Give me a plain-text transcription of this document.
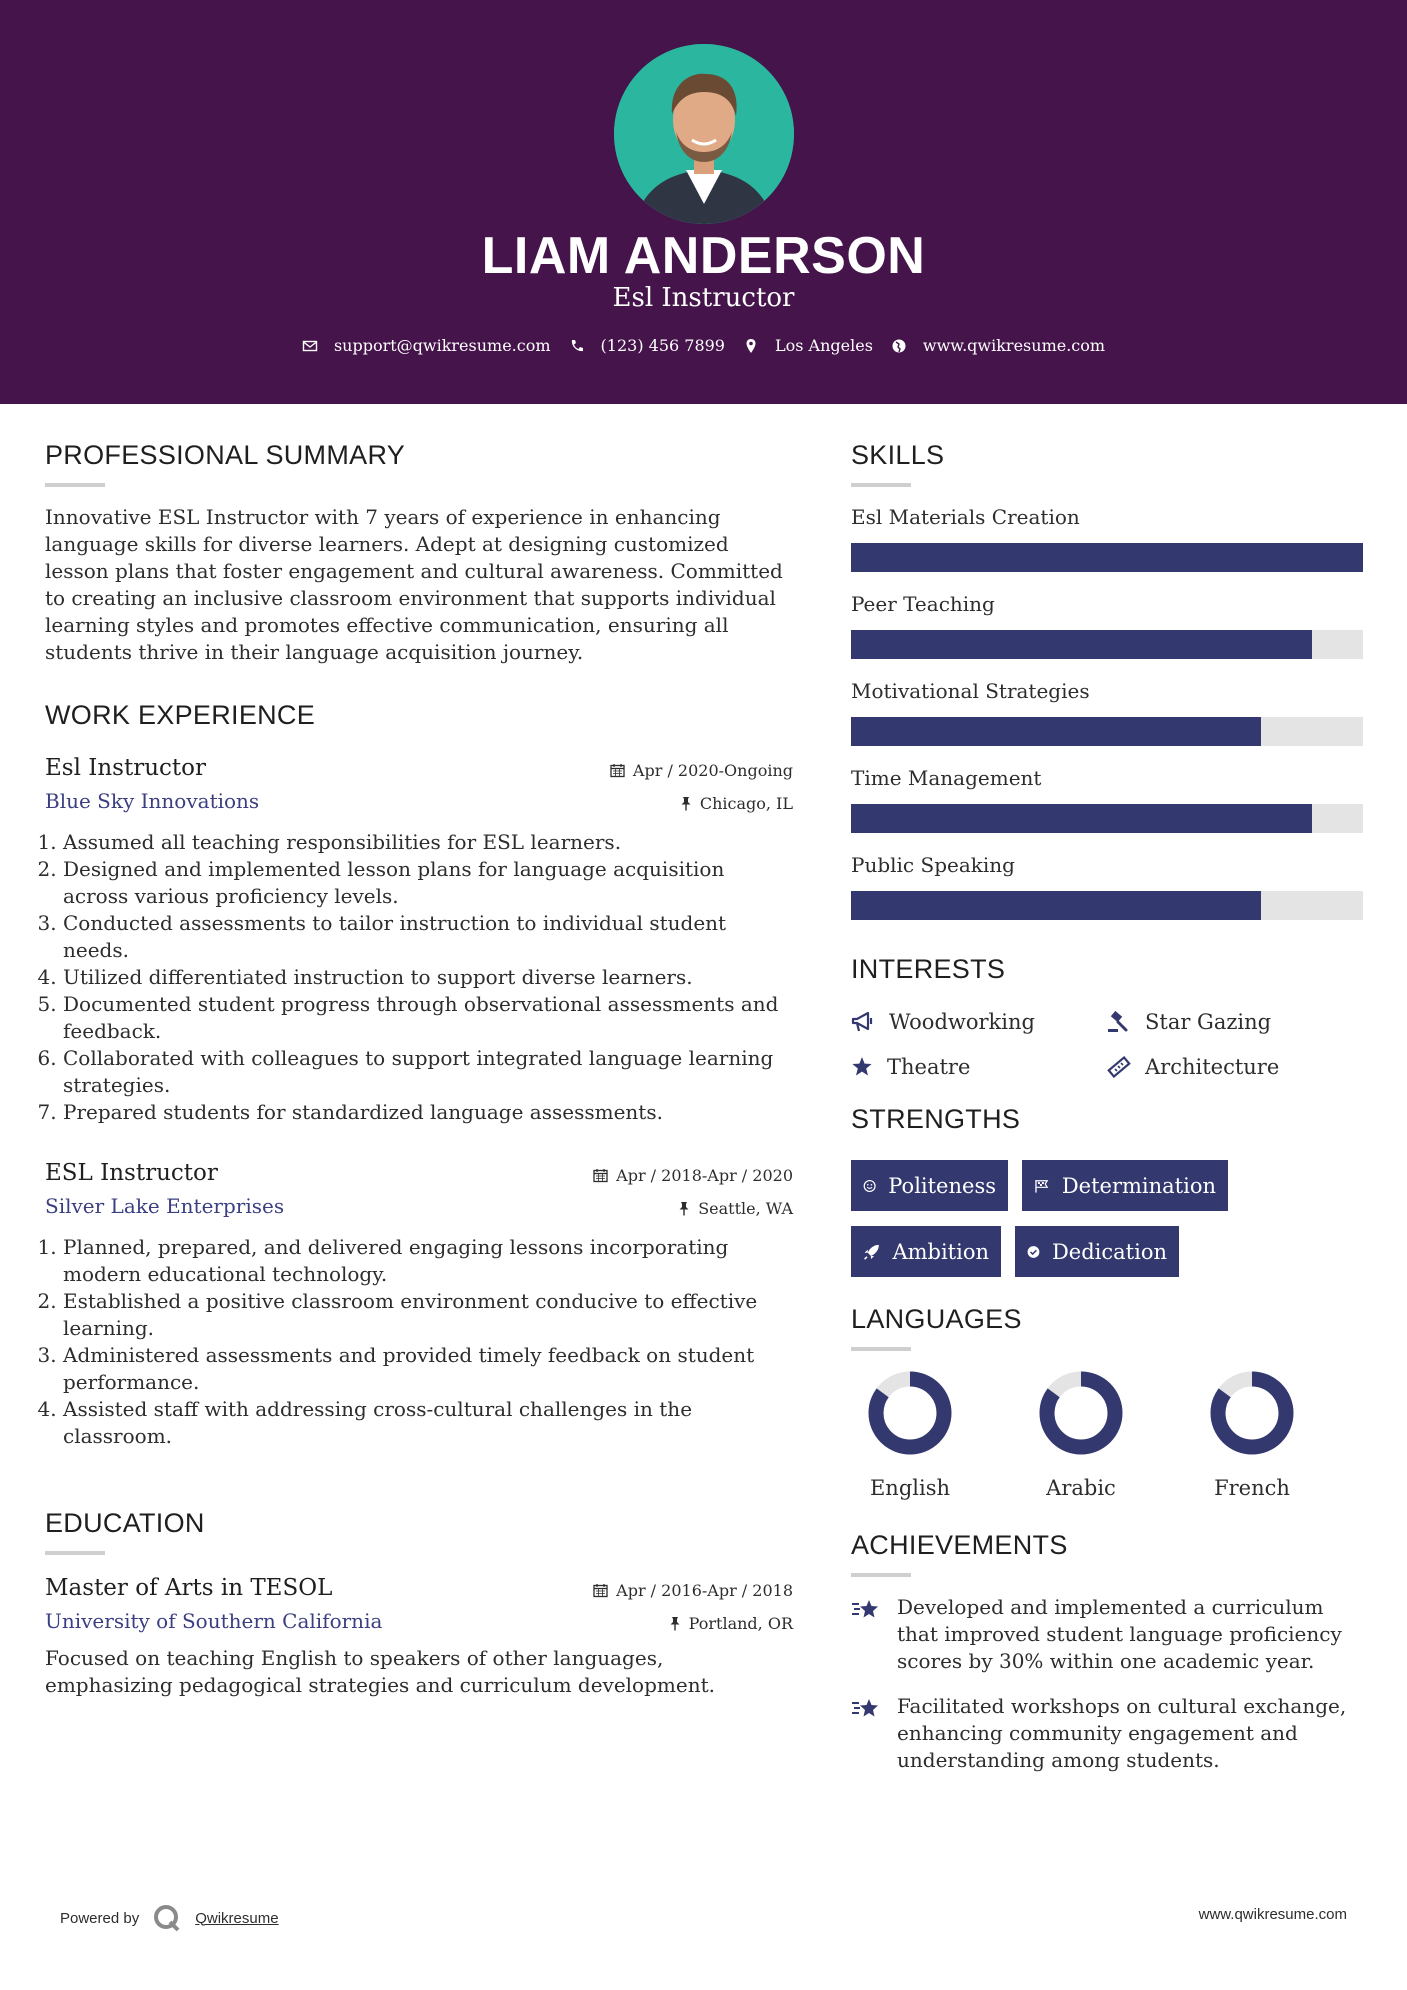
LIAM ANDERSON
Esl Instructor
support@qwikresume.com	(123) 456 7899	Los Angeles	www.qwikresume.com
PROFESSIONAL SUMMARY

Innovative ESL Instructor with 7 years of experience in enhancing language skills for diverse learners. Adept at designing customized lesson plans that foster engagement and cultural awareness. Committed to creating an inclusive classroom environment that supports individual learning styles and promotes effective communication, ensuring all students thrive in their language acquisition journey.

WORK EXPERIENCE
Esl Instructor
Blue Sky Innovations
Apr / 2020-Ongoing
Chicago, IL
1. Assumed all teaching responsibilities for ESL learners.
2. Designed and implemented lesson plans for language acquisition across various proficiency levels.
3. Conducted assessments to tailor instruction to individual student needs.
4. Utilized differentiated instruction to support diverse learners.
5. Documented student progress through observational assessments and feedback.
6. Collaborated with colleagues to support integrated language learning strategies.
7. Prepared students for standardized language assessments.
ESL Instructor
Silver Lake Enterprises
Apr / 2018-Apr / 2020
Seattle, WA
1. Planned, prepared, and delivered engaging lessons incorporating modern educational technology.
2. Established a positive classroom environment conducive to effective learning.
3. Administered assessments and provided timely feedback on student performance.
4. Assisted staff with addressing cross-cultural challenges in the classroom.
EDUCATION
Master of Arts in TESOL
University of Southern California
Apr / 2016-Apr / 2018
Portland, OR

Focused on teaching English to speakers of other languages, emphasizing pedagogical strategies and curriculum development.

SKILLS
Esl Materials Creation
Peer Teaching
Motivational Strategies
Time Management
Public Speaking
INTERESTS
Woodworking	Star Gazing
Theatre	Architecture
STRENGTHS
Politeness	Determination
Ambition	Dedication
LANGUAGES
English	Arabic	French
ACHIEVEMENTS
Developed and implemented a curriculum that improved student language proficiency scores by 30% within one academic year.
Facilitated workshops on cultural exchange, enhancing community engagement and understanding among students.
Powered by	Qwikresume	www.qwikresume.com
